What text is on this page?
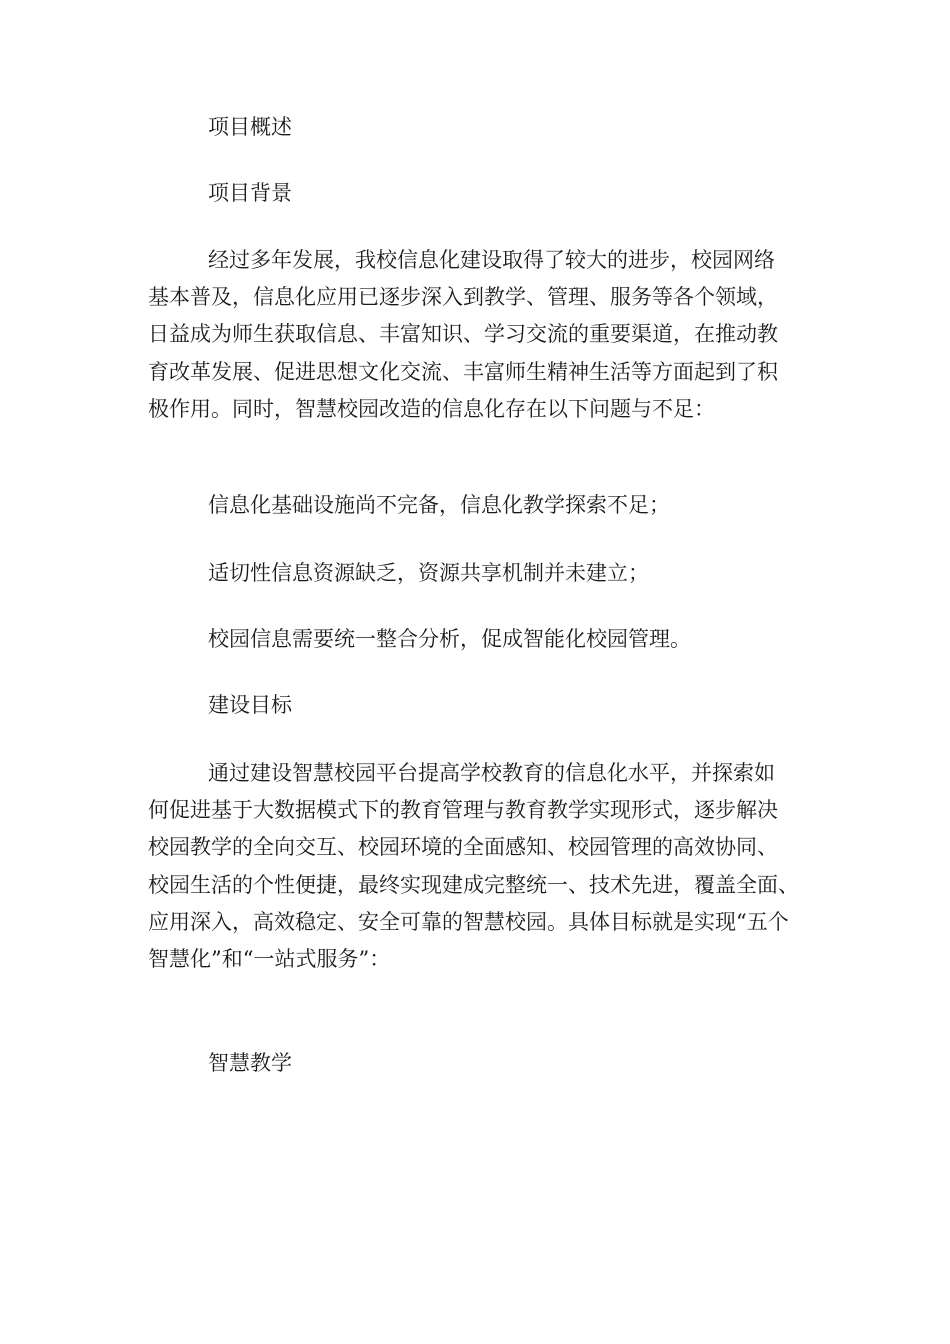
项目概述
项目背景
经过多年发展，我校信息化建设取得了较大的进步，校园网络
基本普及，信息化应用已逐步深入到教学、管理、服务等各个领域，
日益成为师生获取信息、丰富知识、学习交流的重要渠道，在推动教
育改革发展、促进思想文化交流、丰富师生精神生活等方面起到了积
极作用。同时，智慧校园改造的信息化存在以下问题与不足：
信息化基础设施尚不完备，信息化教学探索不足；
适切性信息资源缺乏，资源共享机制并未建立；
校园信息需要统一整合分析，促成智能化校园管理。
建设目标
通过建设智慧校园平台提高学校教育的信息化水平，并探索如
何促进基于大数据模式下的教育管理与教育教学实现形式，逐步解决
校园教学的全向交互、校园环境的全面感知、校园管理的高效协同、
校园生活的个性便捷，最终实现建成完整统一、技术先进，覆盖全面、
应用深入，高效稳定、安全可靠的智慧校园。具体目标就是实现“五个
智慧化”和“一站式服务”：
智慧教学
